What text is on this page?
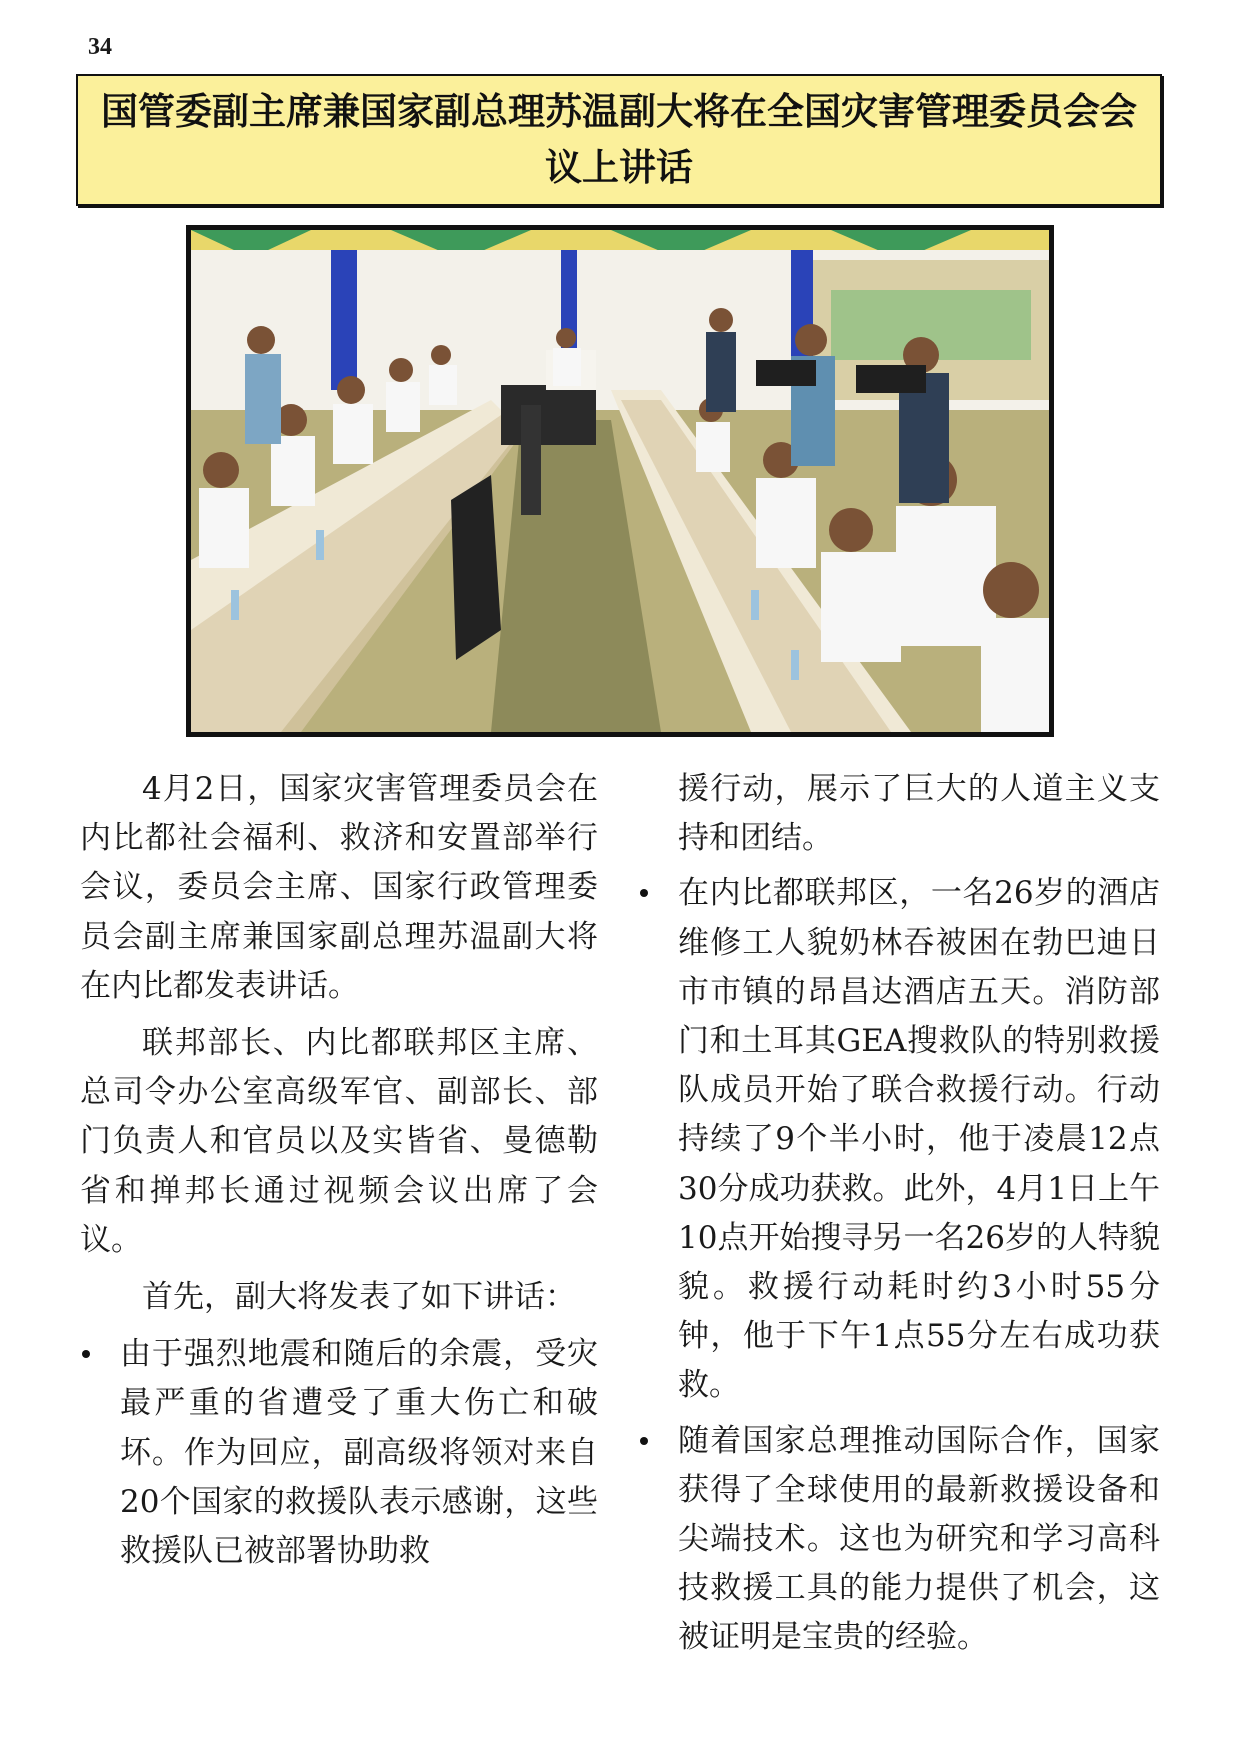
34
国管委副主席兼国家副总理苏温副大将在全国灾害管理委员会会议上讲话

4月2日，国家灾害管理委员会在内比都社会福利、救济和安置部举行会议，委员会主席、国家行政管理委员会副主席兼国家副总理苏温副大将在内比都发表讲话。

联邦部长、内比都联邦区主席、总司令办公室高级军官、副部长、部门负责人和官员以及实皆省、曼德勒省和掸邦长通过视频会议出席了会议。

首先，副大将发表了如下讲话：

由于强烈地震和随后的余震，受灾最严重的省遭受了重大伤亡和破坏。作为回应，副高级将领对来自20个国家的救援队表示感谢，这些救援队已被部署协助救
援行动，展示了巨大的人道主义支持和团结。
在内比都联邦区，一名26岁的酒店维修工人貌奶林吞被困在勃巴迪日市市镇的昂昌达酒店五天。消防部门和土耳其GEA搜救队的特别救援队成员开始了联合救援行动。行动持续了9个半小时，他于凌晨12点30分成功获救。此外，4月1日上午10点开始搜寻另一名26岁的人特貌貌。救援行动耗时约3小时55分钟，他于下午1点55分左右成功获救。
随着国家总理推动国际合作，国家获得了全球使用的最新救援设备和尖端技术。这也为研究和学习高科技救援工具的能力提供了机会，这被证明是宝贵的经验。
